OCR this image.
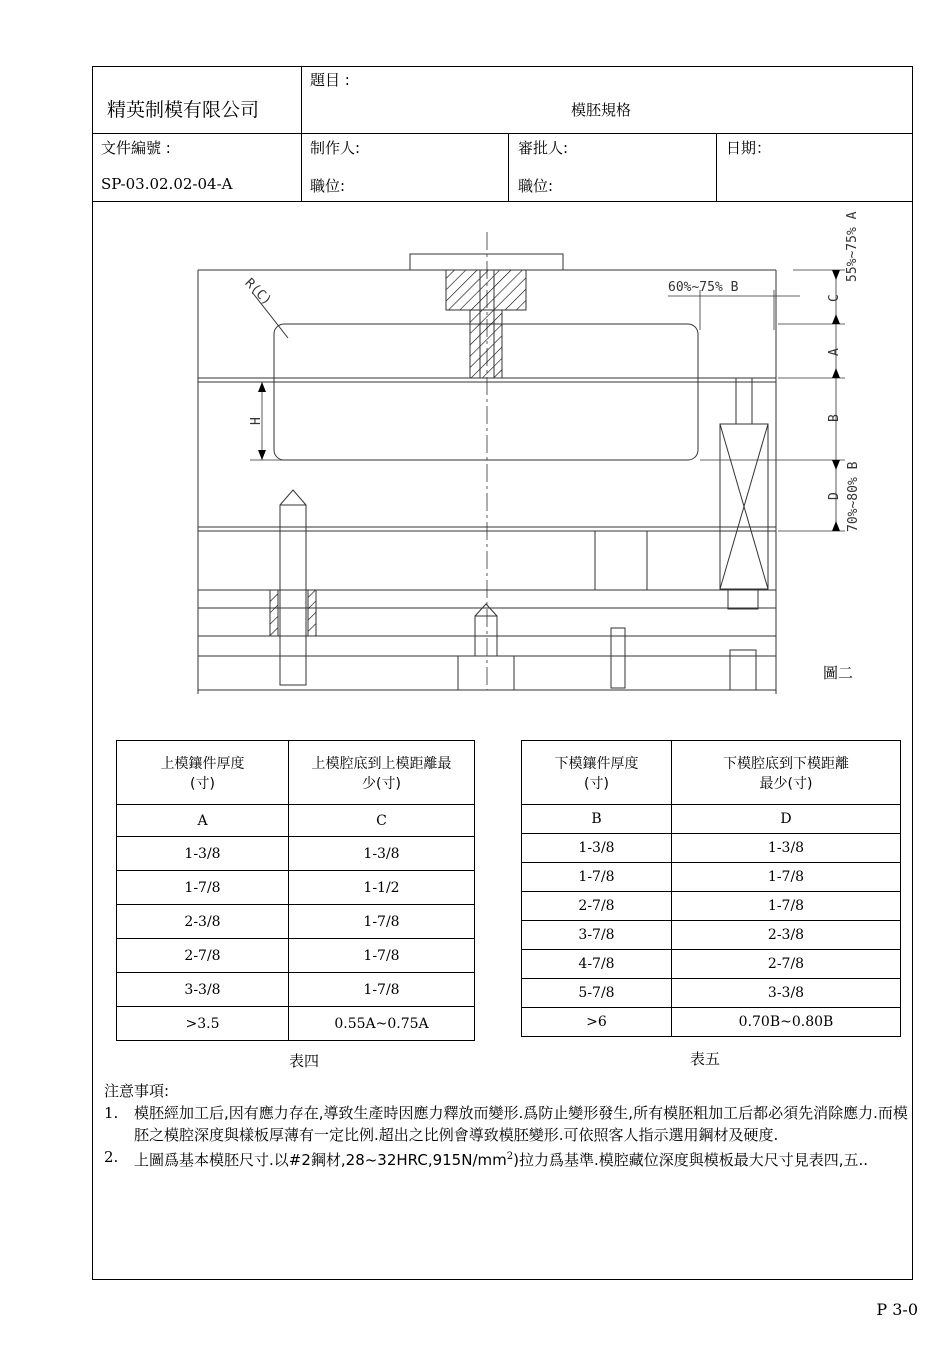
精英制模有限公司
題目 :
模胚規格
文件編號 :
SP-03.02.02-04-A
制作人:
職位:
審批人:
職位:
日期：
R(C)
H
60%~75% B
C
55%~75% A
A
B
D 70%~80% B
圖二
上模鑲件厚度
(寸)	上模腔底到上模距離最
少(寸)
A	C
1-3/8	1-3/8
1-7/8	1-1/2
2-3/8	1-7/8
2-7/8	1-7/8
3-3/8	1-7/8
>3.5	0.55A~0.75A
表四
下模鑲件厚度
(寸)	下模腔底到下模距離
最少(寸)
B	D
1-3/8	1-3/8
1-7/8	1-7/8
2-7/8	1-7/8
3-7/8	2-3/8
4-7/8	2-7/8
5-7/8	3-3/8
>6	0.70B~0.80B
表五
注意事項:
1. 模胚經加工后,因有應力存在,導致生產時因應力釋放而變形.爲防止變形發生,所有模胚粗加工后都必須先消除應力.而模胚之模腔深度與樣板厚薄有一定比例.超出之比例會導致模胚變形.可依照客人指示選用鋼材及硬度.
2. 上圖爲基本模胚尺寸.以#2鋼材$,28\sim 32HRC,915N/mm^2$)拉力爲基準.模腔藏位深度與模板最大尺寸見表四,五..
P 3-0
